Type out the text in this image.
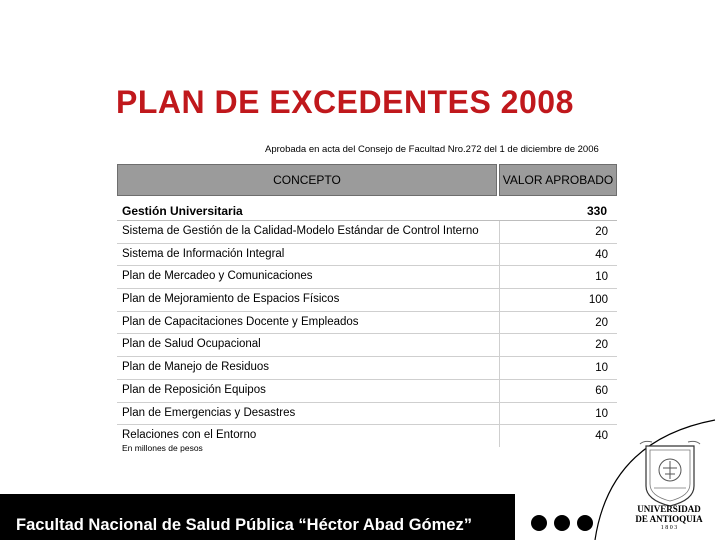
PLAN DE EXCEDENTES 2008
Aprobada en acta del Consejo de Facultad Nro.272 del 1 de diciembre de 2006
CONCEPTO	VALOR APROBADO
Gestión Universitaria	330
Sistema de Gestión de la Calidad-Modelo Estándar de Control Interno	20
Sistema de Información Integral	40
Plan de Mercadeo y Comunicaciones	10
Plan de Mejoramiento de Espacios Físicos	100
Plan de Capacitaciones Docente y Empleados	20
Plan de Salud Ocupacional	20
Plan de Manejo de Residuos	10
Plan de Reposición Equipos	60
Plan de Emergencias y Desastres	10
Relaciones con el Entorno	40
En millones de pesos
Facultad Nacional de Salud Pública “Héctor Abad Gómez”
UNIVERSIDAD
DE ANTIOQUIA
1 8 0 3
